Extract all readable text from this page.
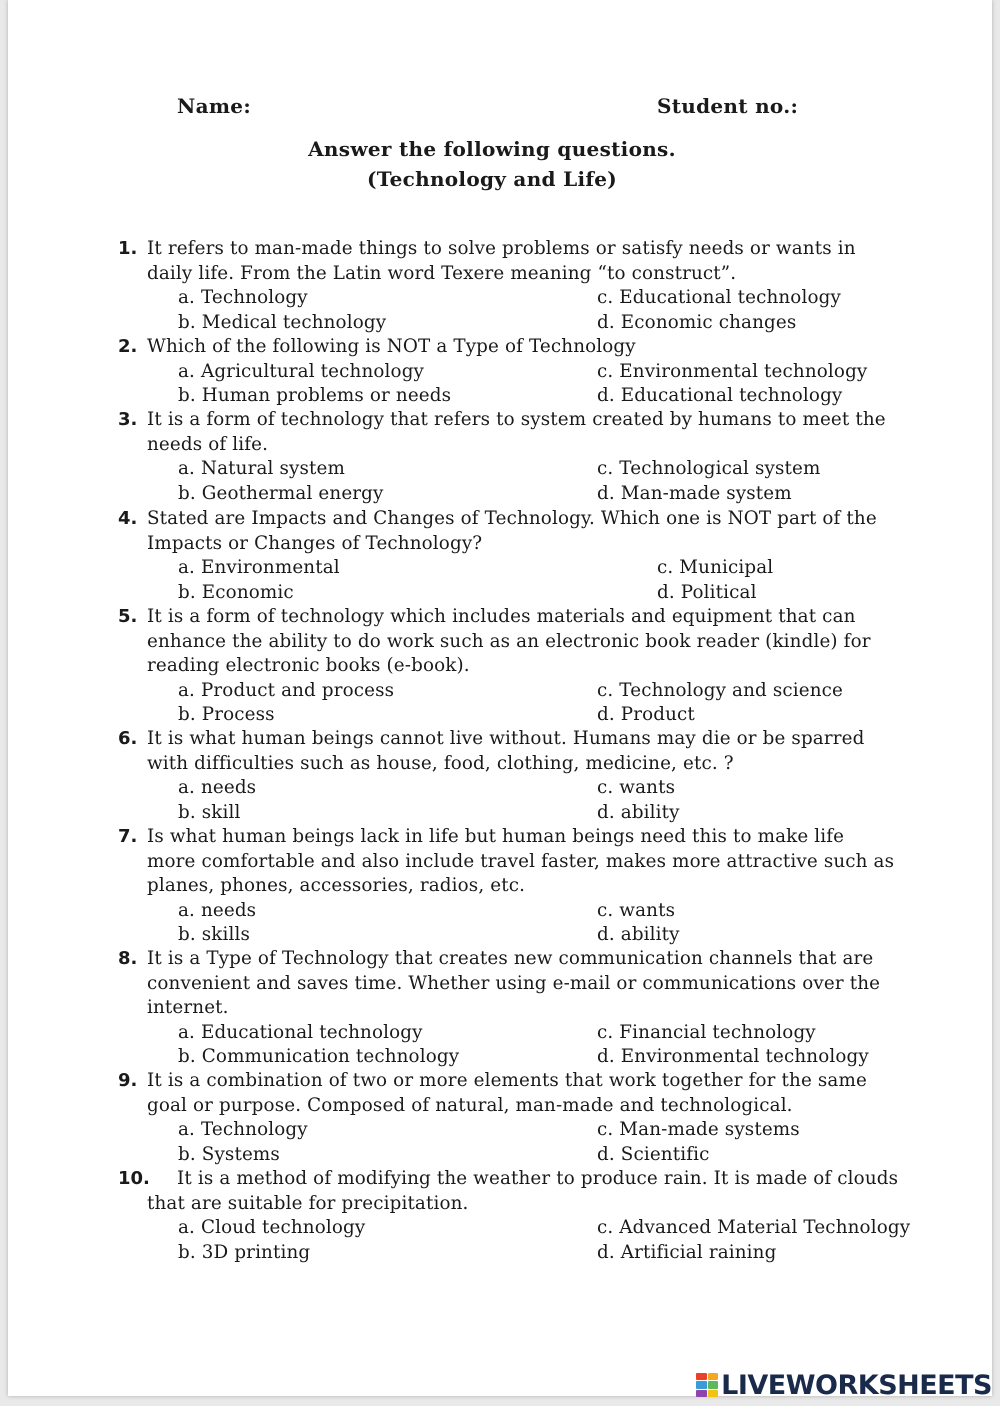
Name:	Student no.:
Answer the following questions.
(Technology and Life)
1. It refers to man-made things to solve problems or satisfy needs or wants in
daily life. From the Latin word Texere meaning “to construct”.
a. Technology	c. Educational technology
b. Medical technology	d. Economic changes
2. Which of the following is NOT a Type of Technology
a. Agricultural technology	c. Environmental technology
b. Human problems or needs	d. Educational technology
3. It is a form of technology that refers to system created by humans to meet the
needs of life.
a. Natural system	c. Technological system
b. Geothermal energy	d. Man-made system
4. Stated are Impacts and Changes of Technology. Which one is NOT part of the
Impacts or Changes of Technology?
a. Environmental	c. Municipal
b. Economic	d. Political
5. It is a form of technology which includes materials and equipment that can
enhance the ability to do work such as an electronic book reader (kindle) for
reading electronic books (e-book).
a. Product and process	c. Technology and science
b. Process	d. Product
6. It is what human beings cannot live without. Humans may die or be sparred
with difficulties such as house, food, clothing, medicine, etc. ?
a. needs	c. wants
b. skill	d. ability
7. Is what human beings lack in life but human beings need this to make life
more comfortable and also include travel faster, makes more attractive such as
planes, phones, accessories, radios, etc.
a. needs	c. wants
b. skills	d. ability
8. It is a Type of Technology that creates new communication channels that are
convenient and saves time. Whether using e-mail or communications over the
internet.
a. Educational technology	c. Financial technology
b. Communication technology	d. Environmental technology
9. It is a combination of two or more elements that work together for the same
goal or purpose. Composed of natural, man-made and technological.
a. Technology	c. Man-made systems
b. Systems	d. Scientific
10. It is a method of modifying the weather to produce rain. It is made of clouds
that are suitable for precipitation.
a. Cloud technology	c. Advanced Material Technology
b. 3D printing	d. Artificial raining
LIVEWORKSHEETS
